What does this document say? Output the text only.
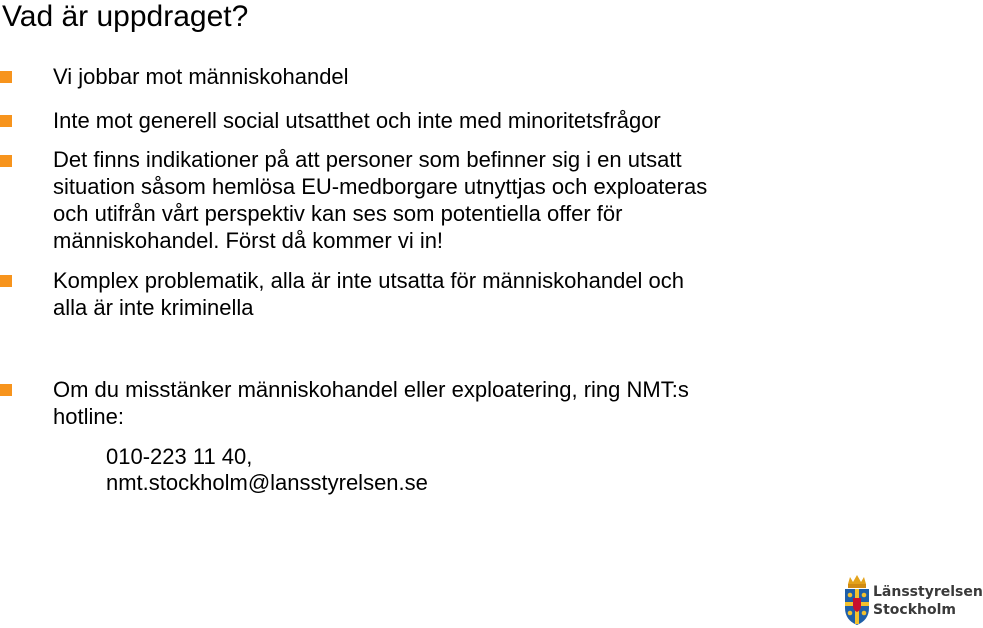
Vad är uppdraget?
Vi jobbar mot människohandel
Inte mot generell social utsatthet och inte med minoritetsfrågor
Det finns indikationer på att personer som befinner sig i en utsatt
situation såsom hemlösa EU-medborgare utnyttjas och exploateras
och utifrån vårt perspektiv kan ses som potentiella offer för
människohandel. Först då kommer vi in!
Komplex problematik, alla är inte utsatta för människohandel och
alla är inte kriminella
Om du misstänker människohandel eller exploatering, ring NMT:s
hotline:
010-223 11 40,
nmt.stockholm@lansstyrelsen.se
Länsstyrelsen
Stockholm
